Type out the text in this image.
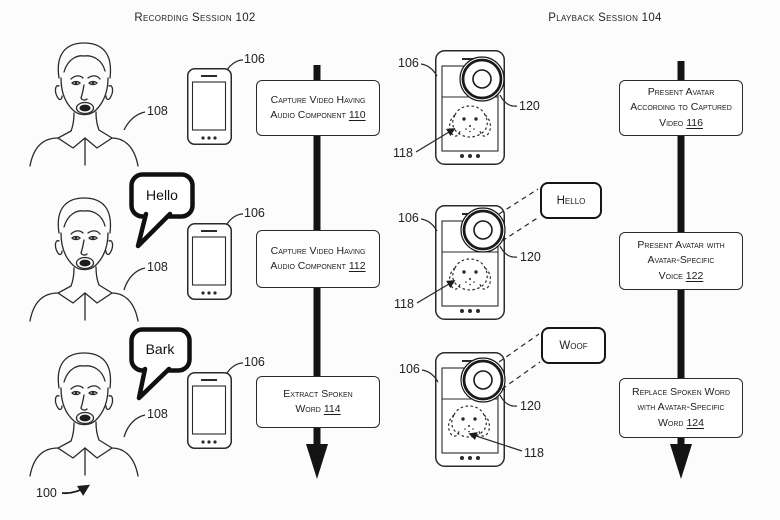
Recording Session 102	Playback Session 104
Capture Video Having Audio Component 110
Capture Video Having Audio Component 112
Extract Spoken Word 114
Present Avatar According to Captured Video 116
Present Avatar with Avatar-Specific Voice 122
Replace Spoken Word with Avatar-Specific Word 124
Hello
Bark
Hello
Woof
106
106
106
108
108
108
106
106
106
120
120
120
118
118
118
100
